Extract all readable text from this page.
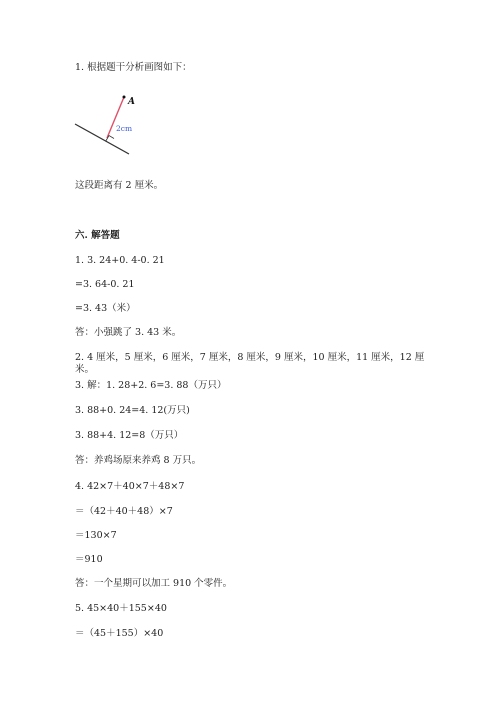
1. 根据题干分析画图如下：
A
2cm
这段距离有 2 厘米。
六. 解答题
1. 3. 24+0. 4-0. 21
=3. 64-0. 21
=3. 43（米）
答：小强跳了 3. 43 米。
2. 4 厘米，5 厘米，6 厘米，7 厘米，8 厘米，9 厘米，10 厘米，11 厘米，12 厘米。
3. 解：1. 28+2. 6=3. 88（万只）
3. 88+0. 24=4. 12(万只)
3. 88+4. 12=8（万只）
答：养鸡场原来养鸡 8 万只。
4. 42×7＋40×7＋48×7
＝（42＋40＋48）×7
＝130×7
＝910
答：一个星期可以加工 910 个零件。
5. 45×40＋155×40
＝（45＋155）×40
